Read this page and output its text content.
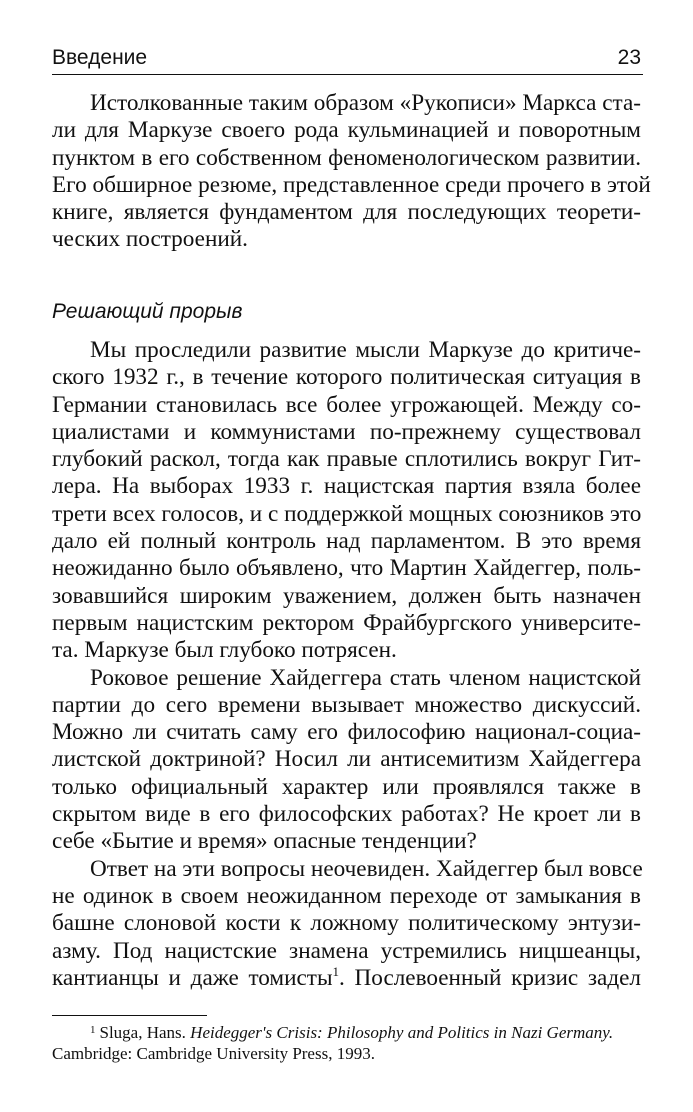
Введение	23
Истолкованные таким образом «Рукописи» Маркса ста-
ли для Маркузе своего рода кульминацией и поворотным
пунктом в его собственном феноменологическом развитии.
Его обширное резюме, представленное среди прочего в этой
книге, является фундаментом для последующих теорети-
ческих построений.
Решающий прорыв
Мы проследили развитие мысли Маркузе до критиче-
ского 1932 г., в течение которого политическая ситуация в
Германии становилась все более угрожающей. Между со-
циалистами и коммунистами по-прежнему существовал
глубокий раскол, тогда как правые сплотились вокруг Гит-
лера. На выборах 1933 г. нацистская партия взяла более
трети всех голосов, и с поддержкой мощных союзников это
дало ей полный контроль над парламентом. В это время
неожиданно было объявлено, что Мартин Хайдеггер, поль-
зовавшийся широким уважением, должен быть назначен
первым нацистским ректором Фрайбургского университе-
та. Маркузе был глубоко потрясен.
Роковое решение Хайдеггера стать членом нацистской
партии до сего времени вызывает множество дискуссий.
Можно ли считать саму его философию национал-социа-
листской доктриной? Носил ли антисемитизм Хайдеггера
только официальный характер или проявлялся также в
скрытом виде в его философских работах? Не кроет ли в
себе «Бытие и время» опасные тенденции?
Ответ на эти вопросы неочевиден. Хайдеггер был вовсе
не одинок в своем неожиданном переходе от замыкания в
башне слоновой кости к ложному политическому энтузи-
азму. Под нацистские знамена устремились ницшеанцы,
кантианцы и даже томисты$^1$. Послевоенный кризис задел
$^1$ Sluga, Hans. Heidegger's Crisis: Philosophy and Politics in Nazi Germany.
Cambridge: Cambridge University Press, 1993.
